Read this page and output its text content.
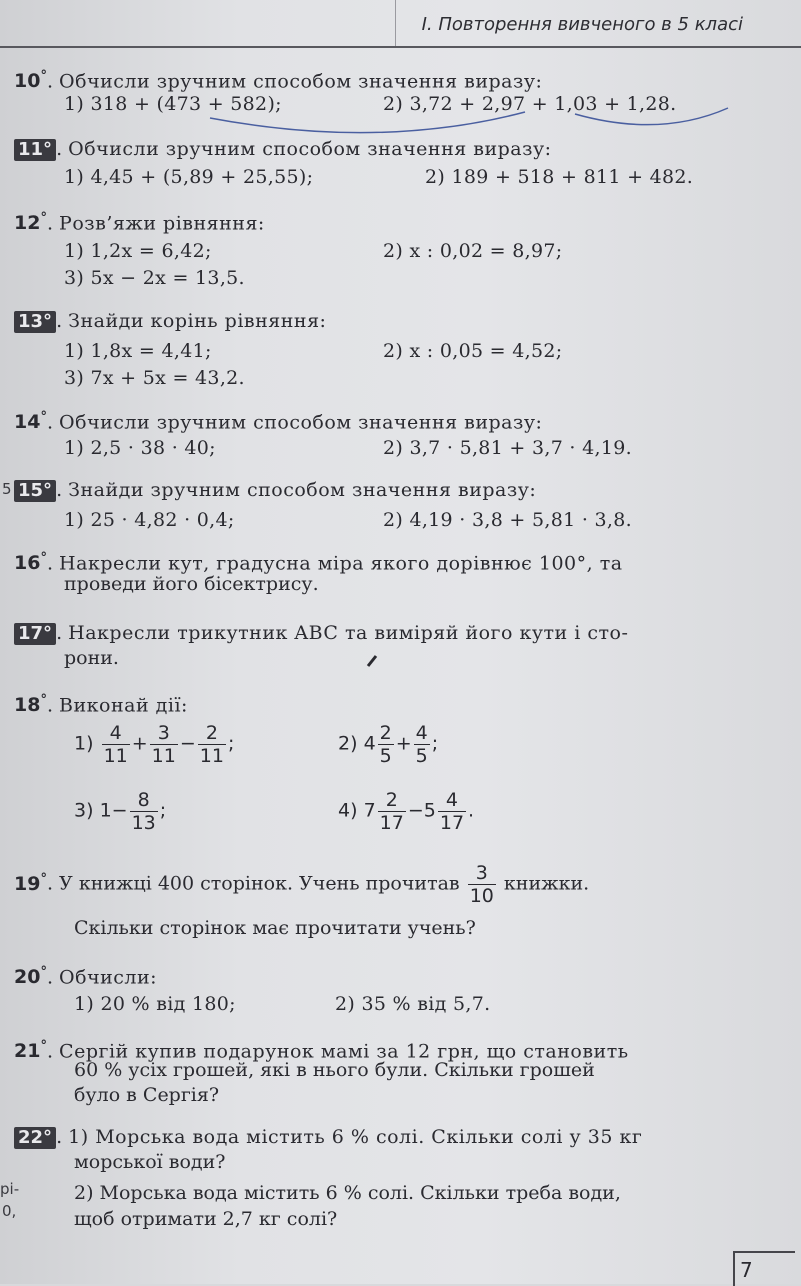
І. Повторення вивченого в 5 класі
10°. Обчисли зручним способом значення виразу:
1) 318 + (473 + 582);	2) 3,72 + 2,97 + 1,03 + 1,28.
11° . Обчисли зручним способом значення виразу:
1) 4,45 + (5,89 + 25,55);	2) 189 + 518 + 811 + 482.
12°. Розв’яжи рівняння:
1) 1,2x = 6,42;	2) x : 0,02 = 8,97;
3) 5x − 2x = 13,5.
13° . Знайди корінь рівняння:
1) 1,8x = 4,41;	2) x : 0,05 = 4,52;
3) 7x + 5x = 43,2.
14°. Обчисли зручним способом значення виразу:
1) 2,5 · 38 · 40;	2) 3,7 · 5,81 + 3,7 · 4,19.
5 15° . Знайди зручним способом значення виразу:
1) 25 · 4,82 · 0,4;	2) 4,19 · 3,8 + 5,81 · 3,8.
16°. Накресли кут, градусна міра якого дорівнює 100°, та
проведи його бісектрису.
17° . Накресли трикутник ABC та виміряй його кути і сто-
рони.
18°. Виконай дії:
$1) \frac{4}{11} + \frac{3}{11} - \frac{2}{11}$ ;	2) $4 \frac{2}{5} + \frac{4}{5}$ ;
3) $1- \frac{8}{13}$ ;	4) $7 \frac{2}{17} -5 \frac{4}{17}$ .
19°. У книжці 400 сторінок. Учень прочитав $\frac{3}{10}$ книжки.
Скільки сторінок має прочитати учень?
20°. Обчисли:
1) 20 % від 180;	2) 35 % від 5,7.
21°. Сергій купив подарунок мамі за 12 грн, що становить
60 % усіх грошей, які в нього були. Скільки грошей
було в Сергія?
22° . 1) Морська вода містить 6 % солі. Скільки солі у 35 кг
морської води?
2) Морська вода містить 6 % солі. Скільки треба води,
щоб отримати 2,7 кг солі?
рі-
0,
7
